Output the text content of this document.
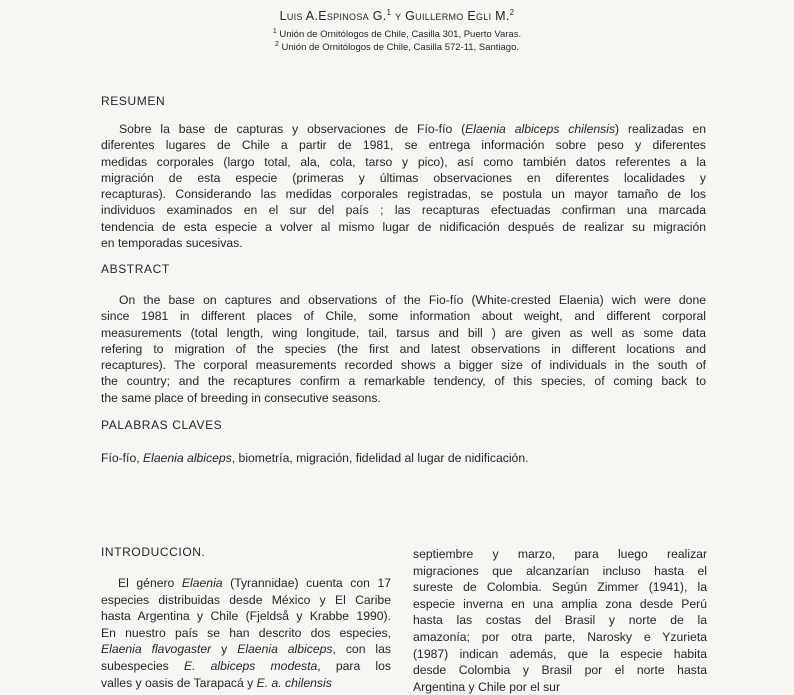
Luis A.Espinosa G.$^1$ y Guillermo Egli M.$^2$
$^1$ Unión de Ornitólogos de Chile, Casilla 301, Puerto Varas.
$^2$ Unión de Ornitólogos de Chile, Casilla 572-11, Santiago.
RESUMEN
Sobre la base de capturas y observaciones de Fío-fío (Elaenia albiceps chilensis) realizadas en
diferentes lugares de Chile a partir de 1981, se entrega información sobre peso y diferentes
medidas corporales (largo total, ala, cola, tarso y pico), así como también datos referentes a la
migración de esta especie (primeras y últimas observaciones en diferentes localidades y
recapturas). Considerando las medidas corporales registradas, se postula un mayor tamaño de los
individuos examinados en el sur del país ; las recapturas efectuadas confirman una marcada
tendencia de esta especie a volver al mismo lugar de nidificación después de realizar su migración
en temporadas sucesivas.
ABSTRACT
On the base on captures and observations of the Fio-fío (White-crested Elaenia) wich were done
since 1981 in different places of Chile, some information about weight, and different corporal
measurements (total length, wing longitude, tail, tarsus and bill ) are given as well as some data
refering to migration of the species (the first and latest observations in different locations and
recaptures). The corporal measurements recorded shows a bigger size of individuals in the south of
the country; and the recaptures confirm a remarkable tendency, of this species, of coming back to
the same place of breeding in consecutive seasons.
PALABRAS CLAVES
Fío-fío, Elaenia albiceps, biometría, migración, fidelidad al lugar de nidificación.
INTRODUCCION.
El género Elaenia (Tyrannidae) cuenta con 17
especies distribuidas desde México y El Caribe
hasta Argentina y Chile (Fjeldså y Krabbe 1990).
En nuestro país se han descrito dos especies,
Elaenia flavogaster y Elaenia albiceps, con las
subespecies E. albiceps modesta, para los
valles y oasis de Tarapacá y E. a. chilensis
septiembre y marzo, para luego realizar
migraciones que alcanzarían incluso hasta el
sureste de Colombia. Según Zimmer (1941), la
especie inverna en una amplia zona desde Perú
hasta las costas del Brasil y norte de la
amazonía; por otra parte, Narosky e Yzurieta
(1987) indican además, que la especie habita
desde Colombia y Brasil por el norte hasta
Argentina y Chile por el sur
